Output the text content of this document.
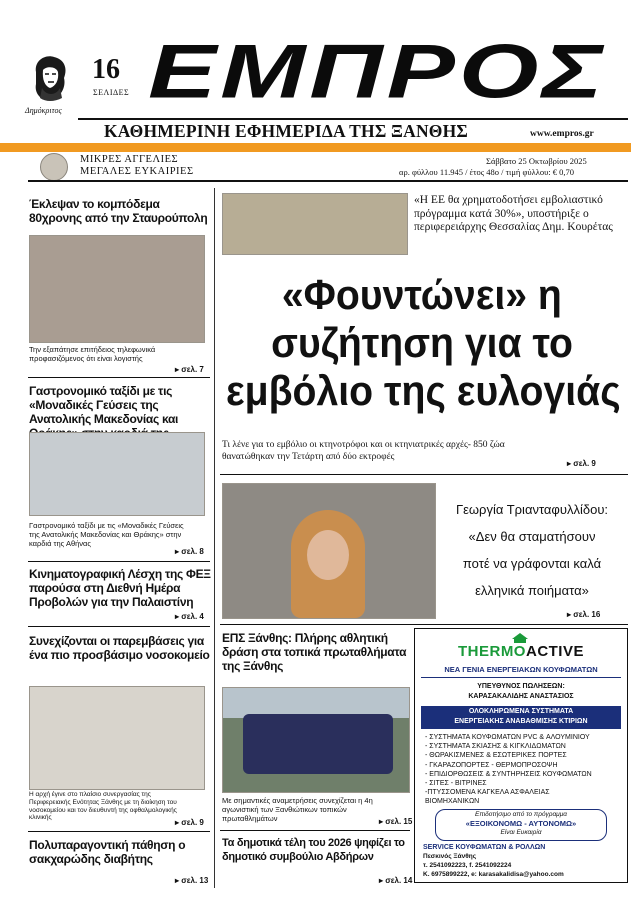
Δημόκριτος
16
ΣΕΛΙΔΕΣ ΕΜΠΡΟΣ
ΚΑΘΗΜΕΡΙΝΗ ΕΦΗΜΕΡΙΔΑ ΤΗΣ ΞΑΝΘΗΣ	www.empros.gr
ΜΙΚΡΕΣ ΑΓΓΕΛΙΕΣ
ΜΕΓΑΛΕΣ ΕΥΚΑΙΡΙΕΣ
Σάββατο 25 Οκτωβρίου 2025
αρ. φύλλου 11.945 / έτος 48ο / τιμή φύλλου: € 0,70
Έκλεψαν το κομπόδεμα 80χρονης από την Σταυρούπολη
Την εξαπάτησε επιτήδειος τηλεφωνικά προφασιζόμενος ότι είναι λογιστής
▸ σελ. 7
Γαστρονομικό ταξίδι με τις «Μοναδικές Γεύσεις της Ανατολικής Μακεδονίας και
Γαστρονομικό ταξίδι με τις «Μοναδικές Γεύσεις της Ανατολικής Μακεδονίας και Θράκης» στην καρδιά της Αθήνας
▸ σελ. 8
Κινηματογραφική Λέσχη της ΦΕΞ παρούσα στη Διεθνή Ημέρα Προβολών για την Παλαιστίνη
▸ σελ. 4
Συνεχίζονται οι παρεμβάσεις για ένα πιο προσβάσιμο νοσοκομείο
Η αρχή έγινε στο πλαίσιο συνεργασίας της Περιφερειακής Ενότητας Ξάνθης με τη διοίκηση του νοσοκομείου και τον διευθυντή της οφθαλμολογικής κλινικής
▸ σελ. 9
Πολυπαραγοντική πάθηση ο σακχαρώδης διαβήτης
▸ σελ. 13
«Η ΕΕ θα χρηματοδοτήσει εμβολιαστικό πρόγραμμα κατά 30%», υποστήριξε ο περιφερειάρχης Θεσσαλίας Δημ. Κουρέτας
«Φουντώνει» η

συζήτηση για το

εμβόλιο της ευλογιάς
Τι λένε για το εμβόλιο οι κτηνοτρόφοι και οι κτηνιατρικές αρχές- 850 ζώα θανατώθηκαν την Τετάρτη από δύο εκτροφές
▸ σελ. 9
Γεωργία Τριανταφυλλίδου:
«Δεν θα σταματήσουν
ποτέ να γράφονται καλά
ελληνικά ποιήματα»
▸ σελ. 16
ΕΠΣ Ξάνθης: Πλήρης αθλητική δράση στα τοπικά πρωταθλήματα της Ξάνθης
Με σημαντικές αναμετρήσεις συνεχίζεται η 4η αγωνιστική των Ξανθιώτικων τοπικών πρωταθλημάτων	▸ σελ. 15
Τα δημοτικά τέλη του 2026 ψηφίζει το δημοτικό συμβούλιο Αβδήρων
▸ σελ. 14
THERMOACTIVE
ΝΕΑ ΓΕΝΙΑ ΕΝΕΡΓΕΙΑΚΩΝ ΚΟΥΦΩΜΑΤΩΝ
ΥΠΕΥΘΥΝΟΣ ΠΩΛΗΣΕΩΝ:
ΚΑΡΑΣΑΚΑΛΙΔΗΣ ΑΝΑΣΤΑΣΙΟΣ
ΟΛΟΚΛΗΡΩΜΕΝΑ ΣΥΣΤΗΜΑΤΑ
ΕΝΕΡΓΕΙΑΚΗΣ ΑΝΑΒΑΘΜΙΣΗΣ ΚΤΙΡΙΩΝ
- ΣΥΣΤΗΜΑΤΑ ΚΟΥΦΩΜΑΤΩΝ PVC & ΑΛΟΥΜΙΝΙΟΥ
- ΣΥΣΤΗΜΑΤΑ ΣΚΙΑΣΗΣ & ΚΙΓΚΛΙΔΩΜΑΤΩΝ
- ΘΩΡΑΚΙΣΜΕΝΕΣ & ΕΣΩΤΕΡΙΚΕΣ ΠΟΡΤΕΣ
- ΓΚΑΡΑΖΟΠΟΡΤΕΣ - ΘΕΡΜΟΠΡΟΣΟΨΗ
- ΕΠΙΔΙΟΡΘΩΣΕΙΣ & ΣΥΝΤΗΡΗΣΕΙΣ ΚΟΥΦΩΜΑΤΩΝ
- ΣΙΤΕΣ - ΒΙΤΡΙΝΕΣ
-ΠΤΥΣΣΟΜΕΝΑ ΚΑΓΚΕΛΑ ΑΣΦΑΛΕΙΑΣ
ΒΙΟΜΗΧΑΝΙΚΩΝ
Επιδοτήσιμο από το πρόγραμμα
«ΕΞΟΙΚΟΝΟΜΩ - ΑΥΤΟΝΟΜΩ»
Είναι Ευκαιρία
SERVICE ΚΟΥΦΩΜΑΤΩΝ & ΡΟΛΛΩΝ
Πεσκινός Ξάνθης
τ. 2541092223, f. 2541092224
Κ. 6975899222, e: karasakalidisa@yahoo.com
